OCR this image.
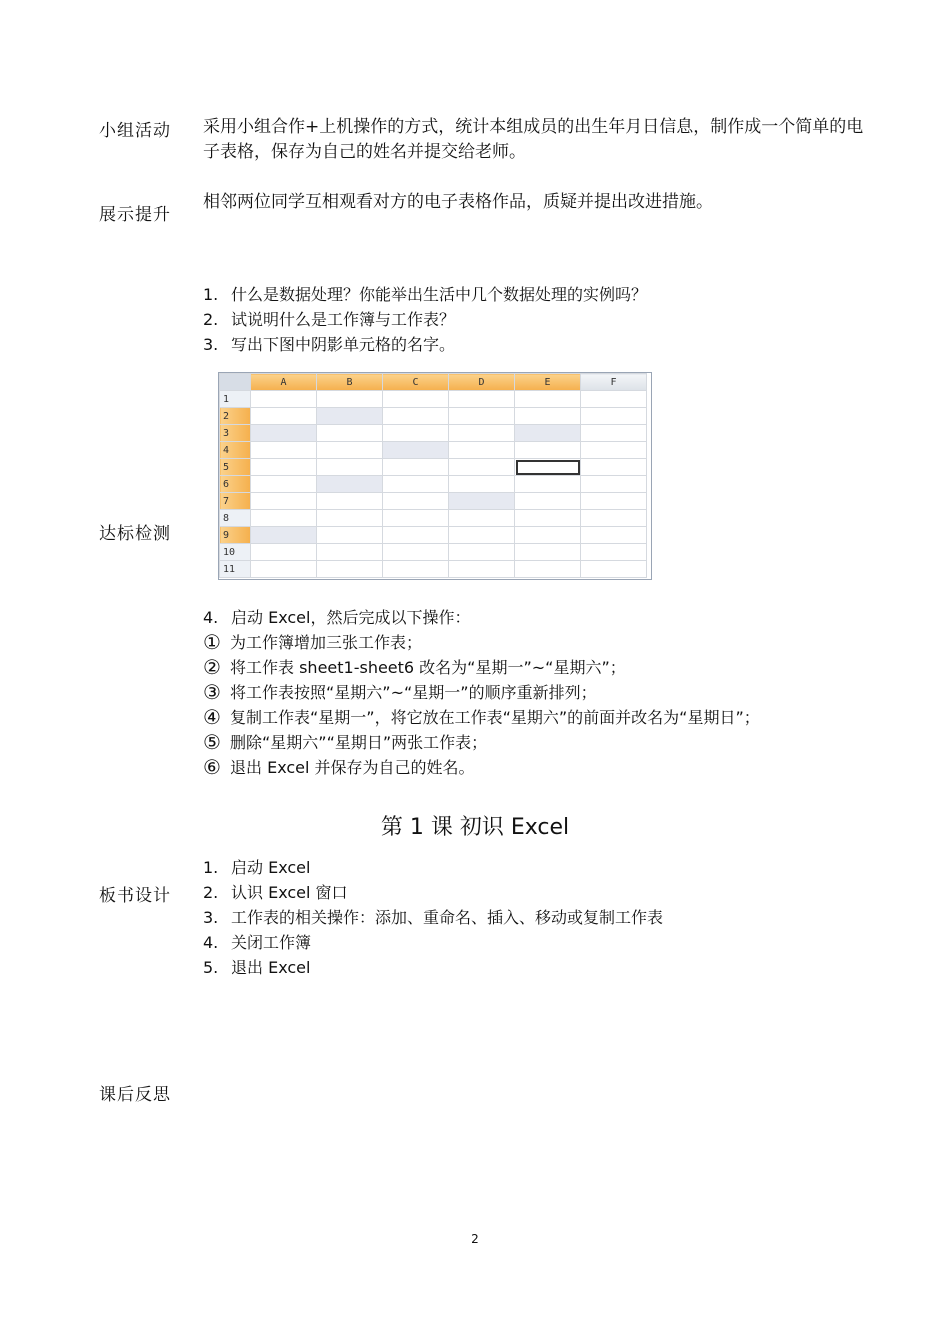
小组活动 采用小组合作+上机操作的方式，统计本组成员的出生年月日信息，制作成一个简单的电子表格，保存为自己的姓名并提交给老师。
展示提升
相邻两位同学互相观看对方的电子表格作品，质疑并提出改进措施。
1. 什么是数据处理？你能举出生活中几个数据处理的实例吗？
2. 试说明什么是工作簿与工作表？
3. 写出下图中阴影单元格的名字。
	A	B	C	D	E	F
1						
2						
3						
4						
5						
6						
7						
8						
9						
10						
11						
达标检测
4. 启动 Excel，然后完成以下操作：
① 为工作簿增加三张工作表；
② 将工作表 sheet1-sheet6 改名为“星期一”~“星期六”；
③ 将工作表按照“星期六”~“星期一”的顺序重新排列；
④ 复制工作表“星期一”，将它放在工作表“星期六”的前面并改名为“星期日”；
⑤ 删除“星期六”“星期日”两张工作表；
⑥ 退出 Excel 并保存为自己的姓名。
第 1 课 初识 Excel
板书设计
1. 启动 Excel
2. 认识 Excel 窗口
3. 工作表的相关操作：添加、重命名、插入、移动或复制工作表
4. 关闭工作簿
5. 退出 Excel
课后反思
2
